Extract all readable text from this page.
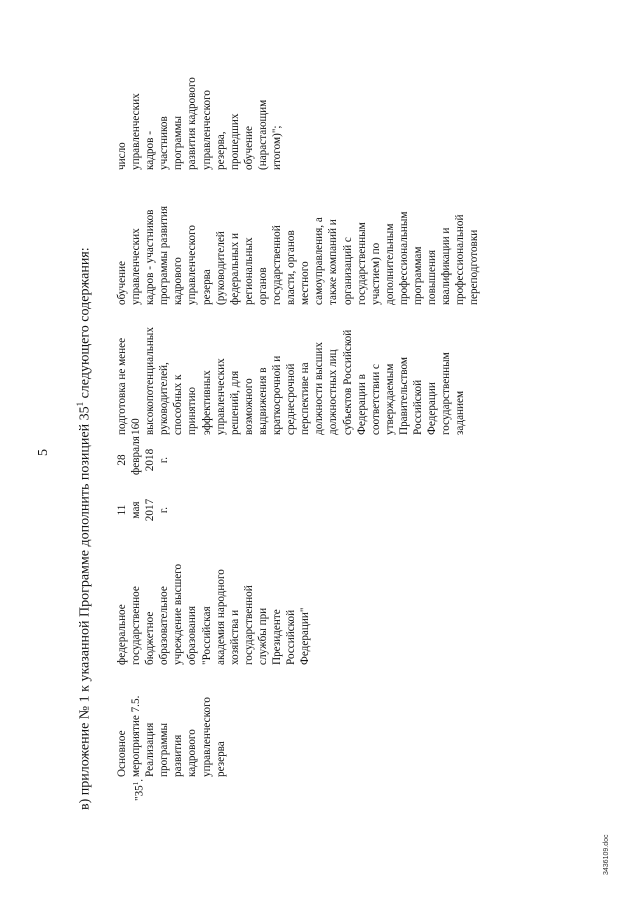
5 в) приложение № 1 к указанной Программе дополнить позицией $35^1$ следующего содержания:

"$35^1$.

Основное
мероприятие 7.5.
Реализация
программы
развития
кадрового
управленческого
резерва
федеральное
государственное
бюджетное
образовательное
учреждение высшего
образования
"Российская
академия народного
хозяйства и
государственной
службы при
Президенте
Российской
Федерации"
11 мая
2017 г.
28
февраля
2018 г.
подготовка не менее
160
высокопотенциальных
руководителей,
способных к
принятию
эффективных
управленческих
решений, для
возможного
выдвижения в
краткосрочной и
среднесрочной
перспективе на
должности высших
должностных лиц
субъектов Российской
Федерации в
соответствии с
утверждаемым
Правительством
Российской
Федерации
государственным
заданием
обучение
управленческих
кадров - участников
программы развития
кадрового
управленческого
резерва
(руководителей
федеральных и
региональных
органов
государственной
власти, органов
местного
самоуправления, а
также компаний и
организаций с
государственным
участием) по
дополнительным
профессиональным
программам
повышения
квалификации и
профессиональной
переподготовки
число
управленческих
кадров -
участников
программы
развития кадрового
управленческого
резерва,
прошедших
обучение
(нарастающим
итогом)";
3436109.doc
